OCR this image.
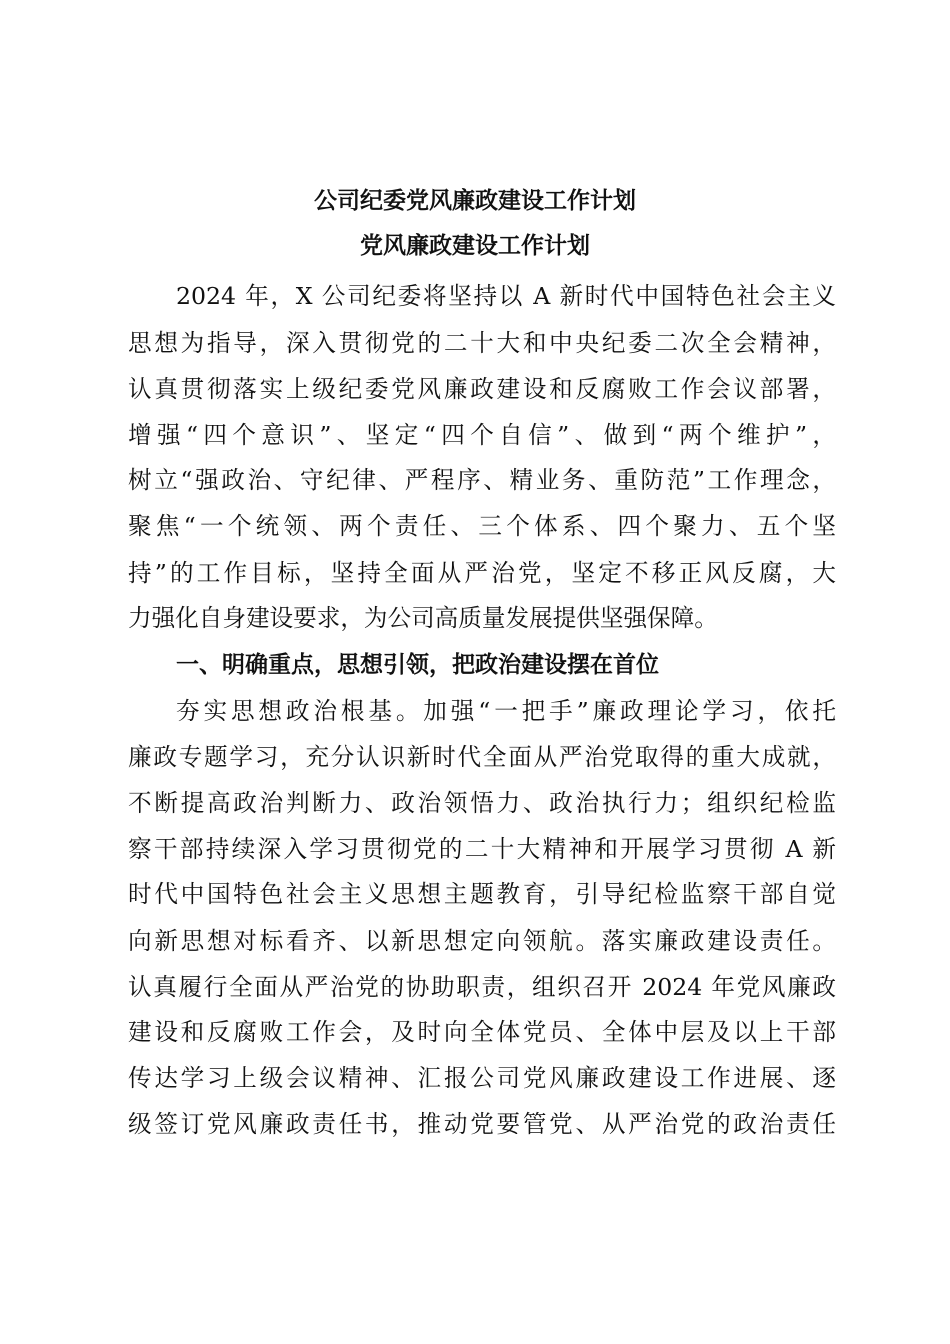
公司纪委党风廉政建设工作计划
党风廉政建设工作计划
2024 年，X 公司纪委将坚持以 A 新时代中国特色社会主义
思想为指导，深入贯彻党的二十大和中央纪委二次全会精神，
认真贯彻落实上级纪委党风廉政建设和反腐败工作会议部署，
增强“四个意识”、坚定“四个自信”、做到“两个维护”，
树立“强政治、守纪律、严程序、精业务、重防范”工作理念，
聚焦“一个统领、两个责任、三个体系、四个聚力、五个坚
持”的工作目标，坚持全面从严治党，坚定不移正风反腐，大
力强化自身建设要求，为公司高质量发展提供坚强保障。
一、明确重点，思想引领，把政治建设摆在首位
夯实思想政治根基。加强“一把手”廉政理论学习，依托
廉政专题学习，充分认识新时代全面从严治党取得的重大成就，
不断提高政治判断力、政治领悟力、政治执行力；组织纪检监
察干部持续深入学习贯彻党的二十大精神和开展学习贯彻 A 新
时代中国特色社会主义思想主题教育，引导纪检监察干部自觉
向新思想对标看齐、以新思想定向领航。落实廉政建设责任。
认真履行全面从严治党的协助职责，组织召开 2024 年党风廉政
建设和反腐败工作会，及时向全体党员、全体中层及以上干部
传达学习上级会议精神、汇报公司党风廉政建设工作进展、逐
级签订党风廉政责任书，推动党要管党、从严治党的政治责任
